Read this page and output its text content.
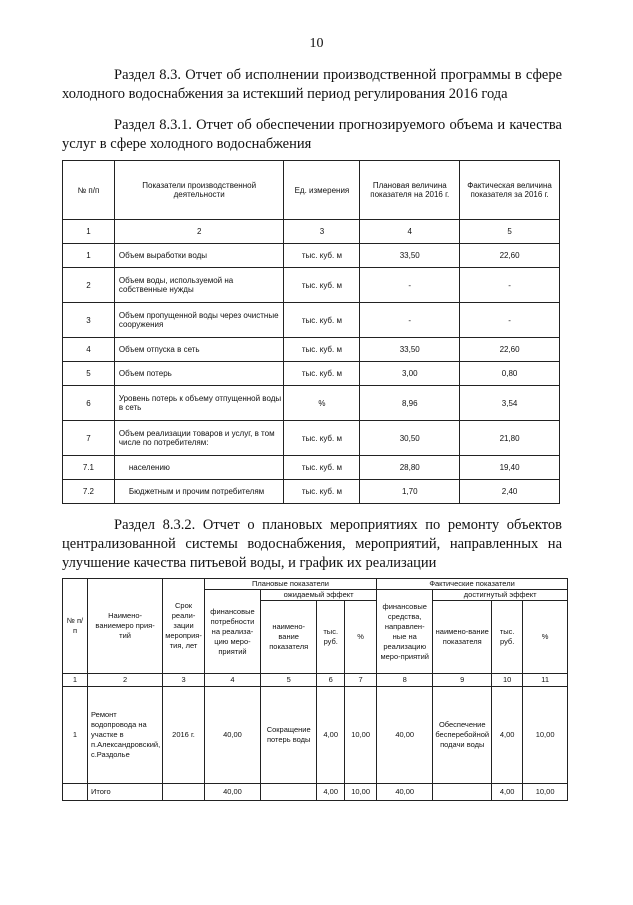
10
Раздел 8.3. Отчет об исполнении производственной программы в сфере холодного водоснабжения за истекший период регулирования 2016 года
Раздел 8.3.1. Отчет об обеспечении прогнозируемого объема и качества услуг в сфере холодного водоснабжения
№ п/п	Показатели производственной деятельности	Ед. измерения	Плановая величина показателя на 2016 г.	Фактическая величина показателя за 2016 г.
1	2	3	4	5
1	Объем выработки воды	тыс. куб. м	33,50	22,60
2	Объем воды, используемой на собственные нужды	тыс. куб. м	-	-
3	Объем пропущенной воды через очистные сооружения	тыс. куб. м	-	-
4	Объем отпуска в сеть	тыс. куб. м	33,50	22,60
5	Объем потерь	тыс. куб. м	3,00	0,80
6	Уровень потерь к объему отпущенной воды в сеть	%	8,96	3,54
7	Объем реализации товаров и услуг, в том числе по потребителям:	тыс. куб. м	30,50	21,80
7.1	населению	тыс. куб. м	28,80	19,40
7.2	Бюджетным и прочим потребителям	тыс. куб. м	1,70	2,40
Раздел 8.3.2. Отчет о плановых мероприятиях по ремонту объектов централизованной системы водоснабжения, мероприятий, направленных на улучшение качества питьевой воды, и график их реализации
№ п/п	Наимено-ваниемеро прия-тий	Срок реали-зации мероприя-тия, лет	Плановые показатели				Фактические показатели			
			финансовые потребности на реализа-цию меро-приятий	ожидаемый эффект			финансовые средства, направлен-ные на реализацию меро-приятий	достигнутый эффект		
				наимено-вание показателя	тыс. руб.	%		наимено-вание показателя	тыс. руб.	%
1	2	3	4	5	6	7	8	9	10	11
1	Ремонт водопровода на участке в п.Александровский, с.Раздолье	2016 г.	40,00	Сокращение потерь воды	4,00	10,00	40,00	Обеспечение бесперебойной подачи воды	4,00	10,00
	Итого		40,00		4,00	10,00	40,00		4,00	10,00
